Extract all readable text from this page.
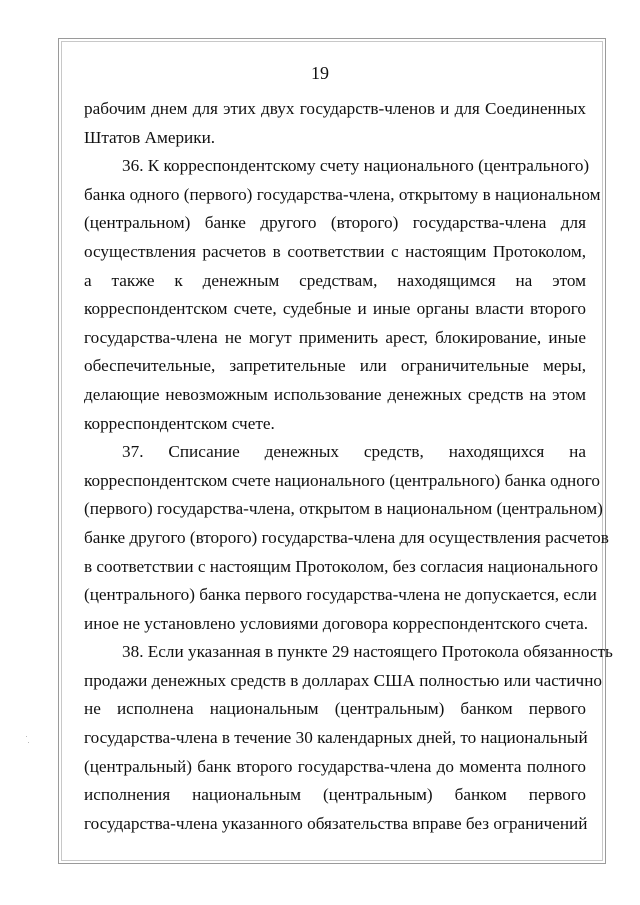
19
рабочим днем для этих двух государств-членов и для Соединенных
Штатов Америки.
36. К корреспондентскому счету национального (центрального)
банка одного (первого) государства-члена, открытому в национальном
(центральном) банке другого (второго) государства-члена для
осуществления расчетов в соответствии с настоящим Протоколом,
а также к денежным средствам, находящимся на этом
корреспондентском счете, судебные и иные органы власти второго
государства-члена не могут применить арест, блокирование, иные
обеспечительные, запретительные или ограничительные меры,
делающие невозможным использование денежных средств на этом
корреспондентском счете.
37. Списание денежных средств, находящихся на
корреспондентском счете национального (центрального) банка одного
(первого) государства-члена, открытом в национальном (центральном)
банке другого (второго) государства-члена для осуществления расчетов
в соответствии с настоящим Протоколом, без согласия национального
(центрального) банка первого государства-члена не допускается, если
иное не установлено условиями договора корреспондентского счета.
38. Если указанная в пункте 29 настоящего Протокола обязанность
продажи денежных средств в долларах США полностью или частично
не исполнена национальным (центральным) банком первого
государства-члена в течение 30 календарных дней, то национальный
(центральный) банк второго государства-члена до момента полного
исполнения национальным (центральным) банком первого
государства-члена указанного обязательства вправе без ограничений
